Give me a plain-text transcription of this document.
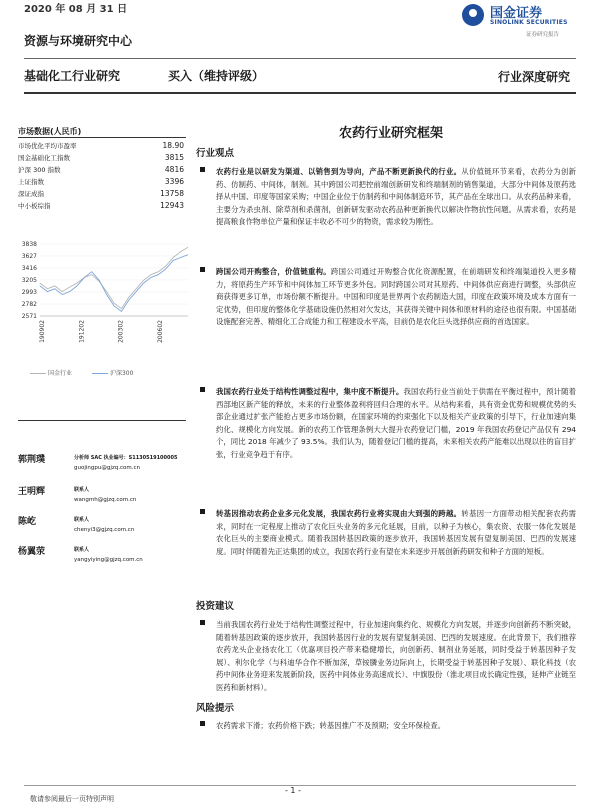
2020 年 08 月 31 日	国金证券
SINOLINK SECURITIES
证券研究报告
资源与环境研究中心
基础化工行业研究	买入（维持评级）	行业深度研究
市场数据(人民币)
市场优化平均市盈率	18.90
国金基础化工指数	3815
沪深 300 指数	4816
上证指数	3396
深证成指	13758
中小板综指	12943
3838
3627
3416
3205
2993
2782
2571
190902	191202	200302	200602
国金行业	沪深300
郭荆璞	分析师 SAC 执业编号：S1130519100005
guojingpu@gjzq.com.cn
王明辉	联系人
wangmh@gjzq.com.cn
陈屹	联系人
chenyi3@gjzq.com.cn
杨翼荥	联系人
yangyiying@gjzq.com.cn
农药行业研究框架
行业观点
农药行业是以研发为渠道、以销售到为导向，产品不断更新换代的行业。从价值链环节来看，农药分为创新药、仿制药、中间体，制剂。其中跨国公司把控前端创新研发和终端制剂的销售渠道，大部分中间体及原药选择从中国、印度等国家采购；中国企业位于仿制药和中间体制造环节，其产品在全球出口。从农药品种来看，主要分为杀虫剂、除草剂和杀菌剂，创新研发驱动农药品种更新换代以解决作物抗性问题。从需求看，农药是提高粮食作物单位产量和保证丰收必不可少的物资，需求较为刚性。
跨国公司开购整合，价值链重构。跨国公司通过开购整合优化资源配置，在前端研发和终端渠道投入更多精力，将原药生产环节和中间体加工环节更多外包。同时跨国公司对其原药、中间体供应商进行调整，头部供应商获得更多订单，市场份额不断提升。中国和印度是世界两个农药制造大国，印度在政策环境及成本方面有一定优势，但印度的整体化学基础设施仍然相对欠发达，其获得关键中间体和原材料的途径也很有限。中国基础设施配套完善、精细化工合成能力和工程建设水平高，目前仍是农化巨头选择供应商的首选国家。
我国农药行业处于结构性调整过程中，集中度不断提升。我国农药行业当前处于供需在平衡过程中，预计随着西部地区新产能的释放，未来的行业整体盈利将回归合理的水平。从结构来看，具有资金优势和规模优势的头部企业通过扩张产能抢占更多市场份额，在国家环境的约束强化下以及相关产业政策的引导下，行业加速向集约化、规模化方向发展。新的农药工作管理条例大大提升农药登记门槛，2019 年我国农药登记产品仅有 294 个，同比 2018 年减少了 93.5%。我们认为，随着登记门槛的提高，未来相关农药产能难以出现以往的盲目扩张，行业竞争趋于有序。
转基因推动农药企业多元化发展，我国农药行业将实现由大到强的跨越。转基因一方面带动相关配套农药需求，同时在一定程度上推动了农化巨头业务的多元化延展，目前，以种子为核心，集农资、农服一体化发展是农化巨头的主要商业模式。随着我国转基因政策的逐步放开，我国转基因发展有望复制美国、巴西的发展速度。同时伴随着先正达集团的成立，我国农药行业有望在未来逐步开展创新药研发和种子方面的短板。
投资建议
当前我国农药行业处于结构性调整过程中，行业加速向集约化、规模化方向发展，并逐步向创新药不断突破，随着转基因政策的逐步放开，我国转基因行业的发展有望复制美国、巴西的发展速度。在此背景下，我们推荐农药龙头企业扬农化工（优嘉项目投产带来稳健增长，向创新药、制剂业务延展，同时受益于转基因种子发展）、利尔化学（与科迪华合作不断加深，草铵膦业务边际向上，长期受益于转基因种子发展）、联化科技（农药中间体业务迎来发展新阶段，医药中间体业务高速成长）、中旗股份（淮北项目成长确定性强，延伸产业链至医药和新材料）。
风险提示
农药需求下滑；农药价格下跌；转基因推广不及预期；安全环保检查。
- 1 -
敬请参阅最后一页特别声明
